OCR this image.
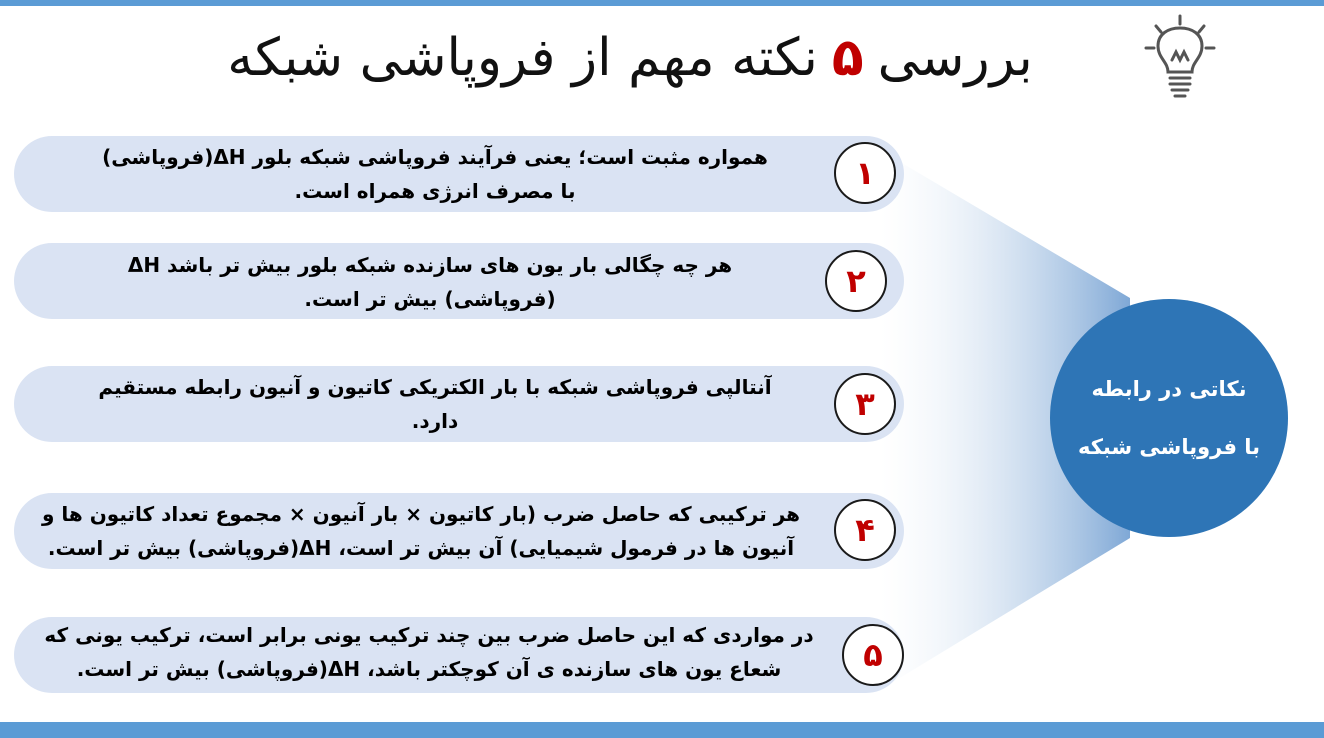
بررسی
۵
نکته مهم از فروپاشی شبکه
نکاتی در رابطه
با فروپاشی شبکه
همواره مثبت است؛ یعنی فرآیند فروپاشی شبکه بلور ΔH(فروپاشی)
با مصرف انرژی همراه است.	۱
هر چه چگالی بار یون های سازنده شبکه بلور بیش تر باشد ΔH
(فروپاشی) بیش تر است.	۲
آنتالپی فروپاشی شبکه با بار الکتریکی کاتیون و آنیون رابطه مستقیم
دارد.	۳
هر ترکیبی که حاصل ضرب (بار کاتیون × بار آنیون × مجموع تعداد کاتیون ها و
آنیون ها در فرمول شیمیایی) آن بیش تر است، ΔH(فروپاشی) بیش تر است.	۴
در مواردی که این حاصل ضرب بین چند ترکیب یونی برابر است، ترکیب یونی که
شعاع یون های سازنده ی آن کوچکتر باشد، ΔH(فروپاشی) بیش تر است.	۵
